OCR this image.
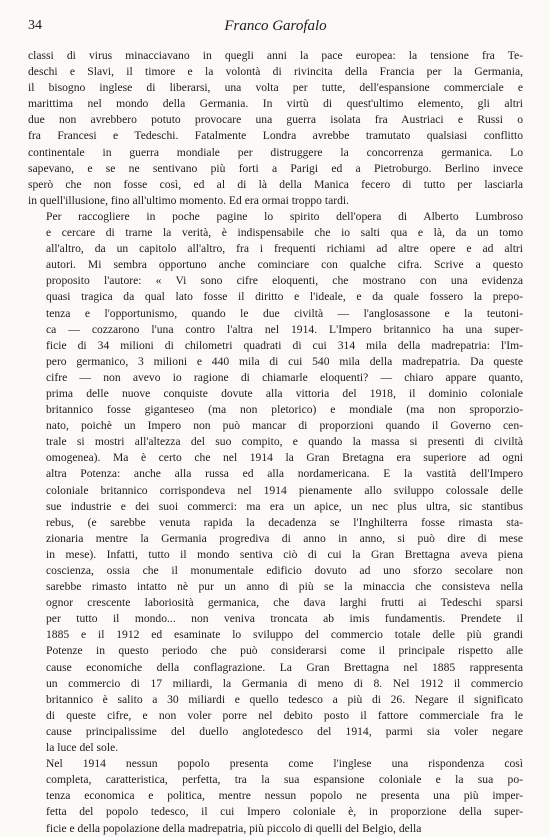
34	Franco Garofalo

classi di virus minacciavano in quegli anni la pace europea: la tensione fra Te-
deschi e Slavi, il timore e la volontà di rivincita della Francia per la Germania,
il bisogno inglese di liberarsi, una volta per tutte, dell'espansione commerciale e
marittima nel mondo della Germania. In virtù di quest'ultimo elemento, gli altri
due non avrebbero potuto provocare una guerra isolata fra Austriaci e Russi o
fra Francesi e Tedeschi. Fatalmente Londra avrebbe tramutato qualsiasi conflitto
continentale in guerra mondiale per distruggere la concorrenza germanica. Lo
sapevano, e se ne sentivano più forti a Parigi ed a Pietroburgo. Berlino invece
sperò che non fosse così, ed al di là della Manica fecero di tutto per lasciarla
in quell'illusione, fino all'ultimo momento. Ed era ormai troppo tardi.

Per raccogliere in poche pagine lo spirito dell'opera di Alberto Lumbroso
e cercare di trarne la verità, è indispensabile che io salti qua e là, da un tomo
all'altro, da un capitolo all'altro, fra i frequenti richiami ad altre opere e ad altri
autori. Mi sembra opportuno anche cominciare con qualche cifra. Scrive a questo
proposito l'autore: « Vi sono cifre eloquenti, che mostrano con una evidenza
quasi tragica da qual lato fosse il diritto e l'ideale, e da quale fossero la prepo-
tenza e l'opportunismo, quando le due civiltà — l'anglosassone e la teutoni-
ca — cozzarono l'una contro l'altra nel 1914. L'Impero britannico ha una super-
ficie di 34 milioni di chilometri quadrati di cui 314 mila della madrepatria: l'Im-
pero germanico, 3 milioni e 440 mila di cui 540 mila della madrepatria. Da queste
cifre — non avevo io ragione di chiamarle eloquenti? — chiaro appare quanto,
prima delle nuove conquiste dovute alla vittoria del 1918, il dominio coloniale
britannico fosse giganteseo (ma non pletorico) e mondiale (ma non sproporzio-
nato, poichè un Impero non può mancar di proporzioni quando il Governo cen-
trale si mostri all'altezza del suo compito, e quando la massa si presenti di civiltà
omogenea). Ma è certo che nel 1914 la Gran Bretagna era superiore ad ogni
altra Potenza: anche alla russa ed alla nordamericana. E la vastità dell'Impero
coloniale britannico corrispondeva nel 1914 pienamente allo sviluppo colossale delle
sue industrie e dei suoi commerci: ma era un apice, un nec plus ultra, sic stantibus
rebus, (e sarebbe venuta rapida la decadenza se l'Inghilterra fosse rimasta sta-
zionaria mentre la Germania progrediva di anno in anno, si può dire di mese
in mese). Infatti, tutto il mondo sentiva ciò di cui la Gran Brettagna aveva piena
coscienza, ossia che il monumentale edificio dovuto ad uno sforzo secolare non
sarebbe rimasto intatto nè pur un anno di più se la minaccia che consisteva nella
ognor crescente laboriosità germanica, che dava larghi frutti ai Tedeschi sparsi
per tutto il mondo... non veniva troncata ab imis fundamentis. Prendete il
1885 e il 1912 ed esaminate lo sviluppo del commercio totale delle più grandi
Potenze in questo periodo che può considerarsi come il principale rispetto alle
cause economiche della conflagrazione. La Gran Brettagna nel 1885 rappresenta
un commercio di 17 miliardi, la Germania di meno di 8. Nel 1912 il commercio
britannico è salito a 30 miliardi e quello tedesco a più di 26. Negare il significato
di queste cifre, e non voler porre nel debito posto il fattore commerciale fra le
cause principalissime del duello anglotedesco del 1914, parmi sia voler negare
la luce del sole.

Nel 1914 nessun popolo presenta come l'inglese una rispondenza così
completa, caratteristica, perfetta, tra la sua espansione coloniale e la sua po-
tenza economica e politica, mentre nessun popolo ne presenta una più imper-
fetta del popolo tedesco, il cui Impero coloniale è, in proporzione della super-
ficie e della popolazione della madrepatria, più piccolo di quelli del Belgio, della
